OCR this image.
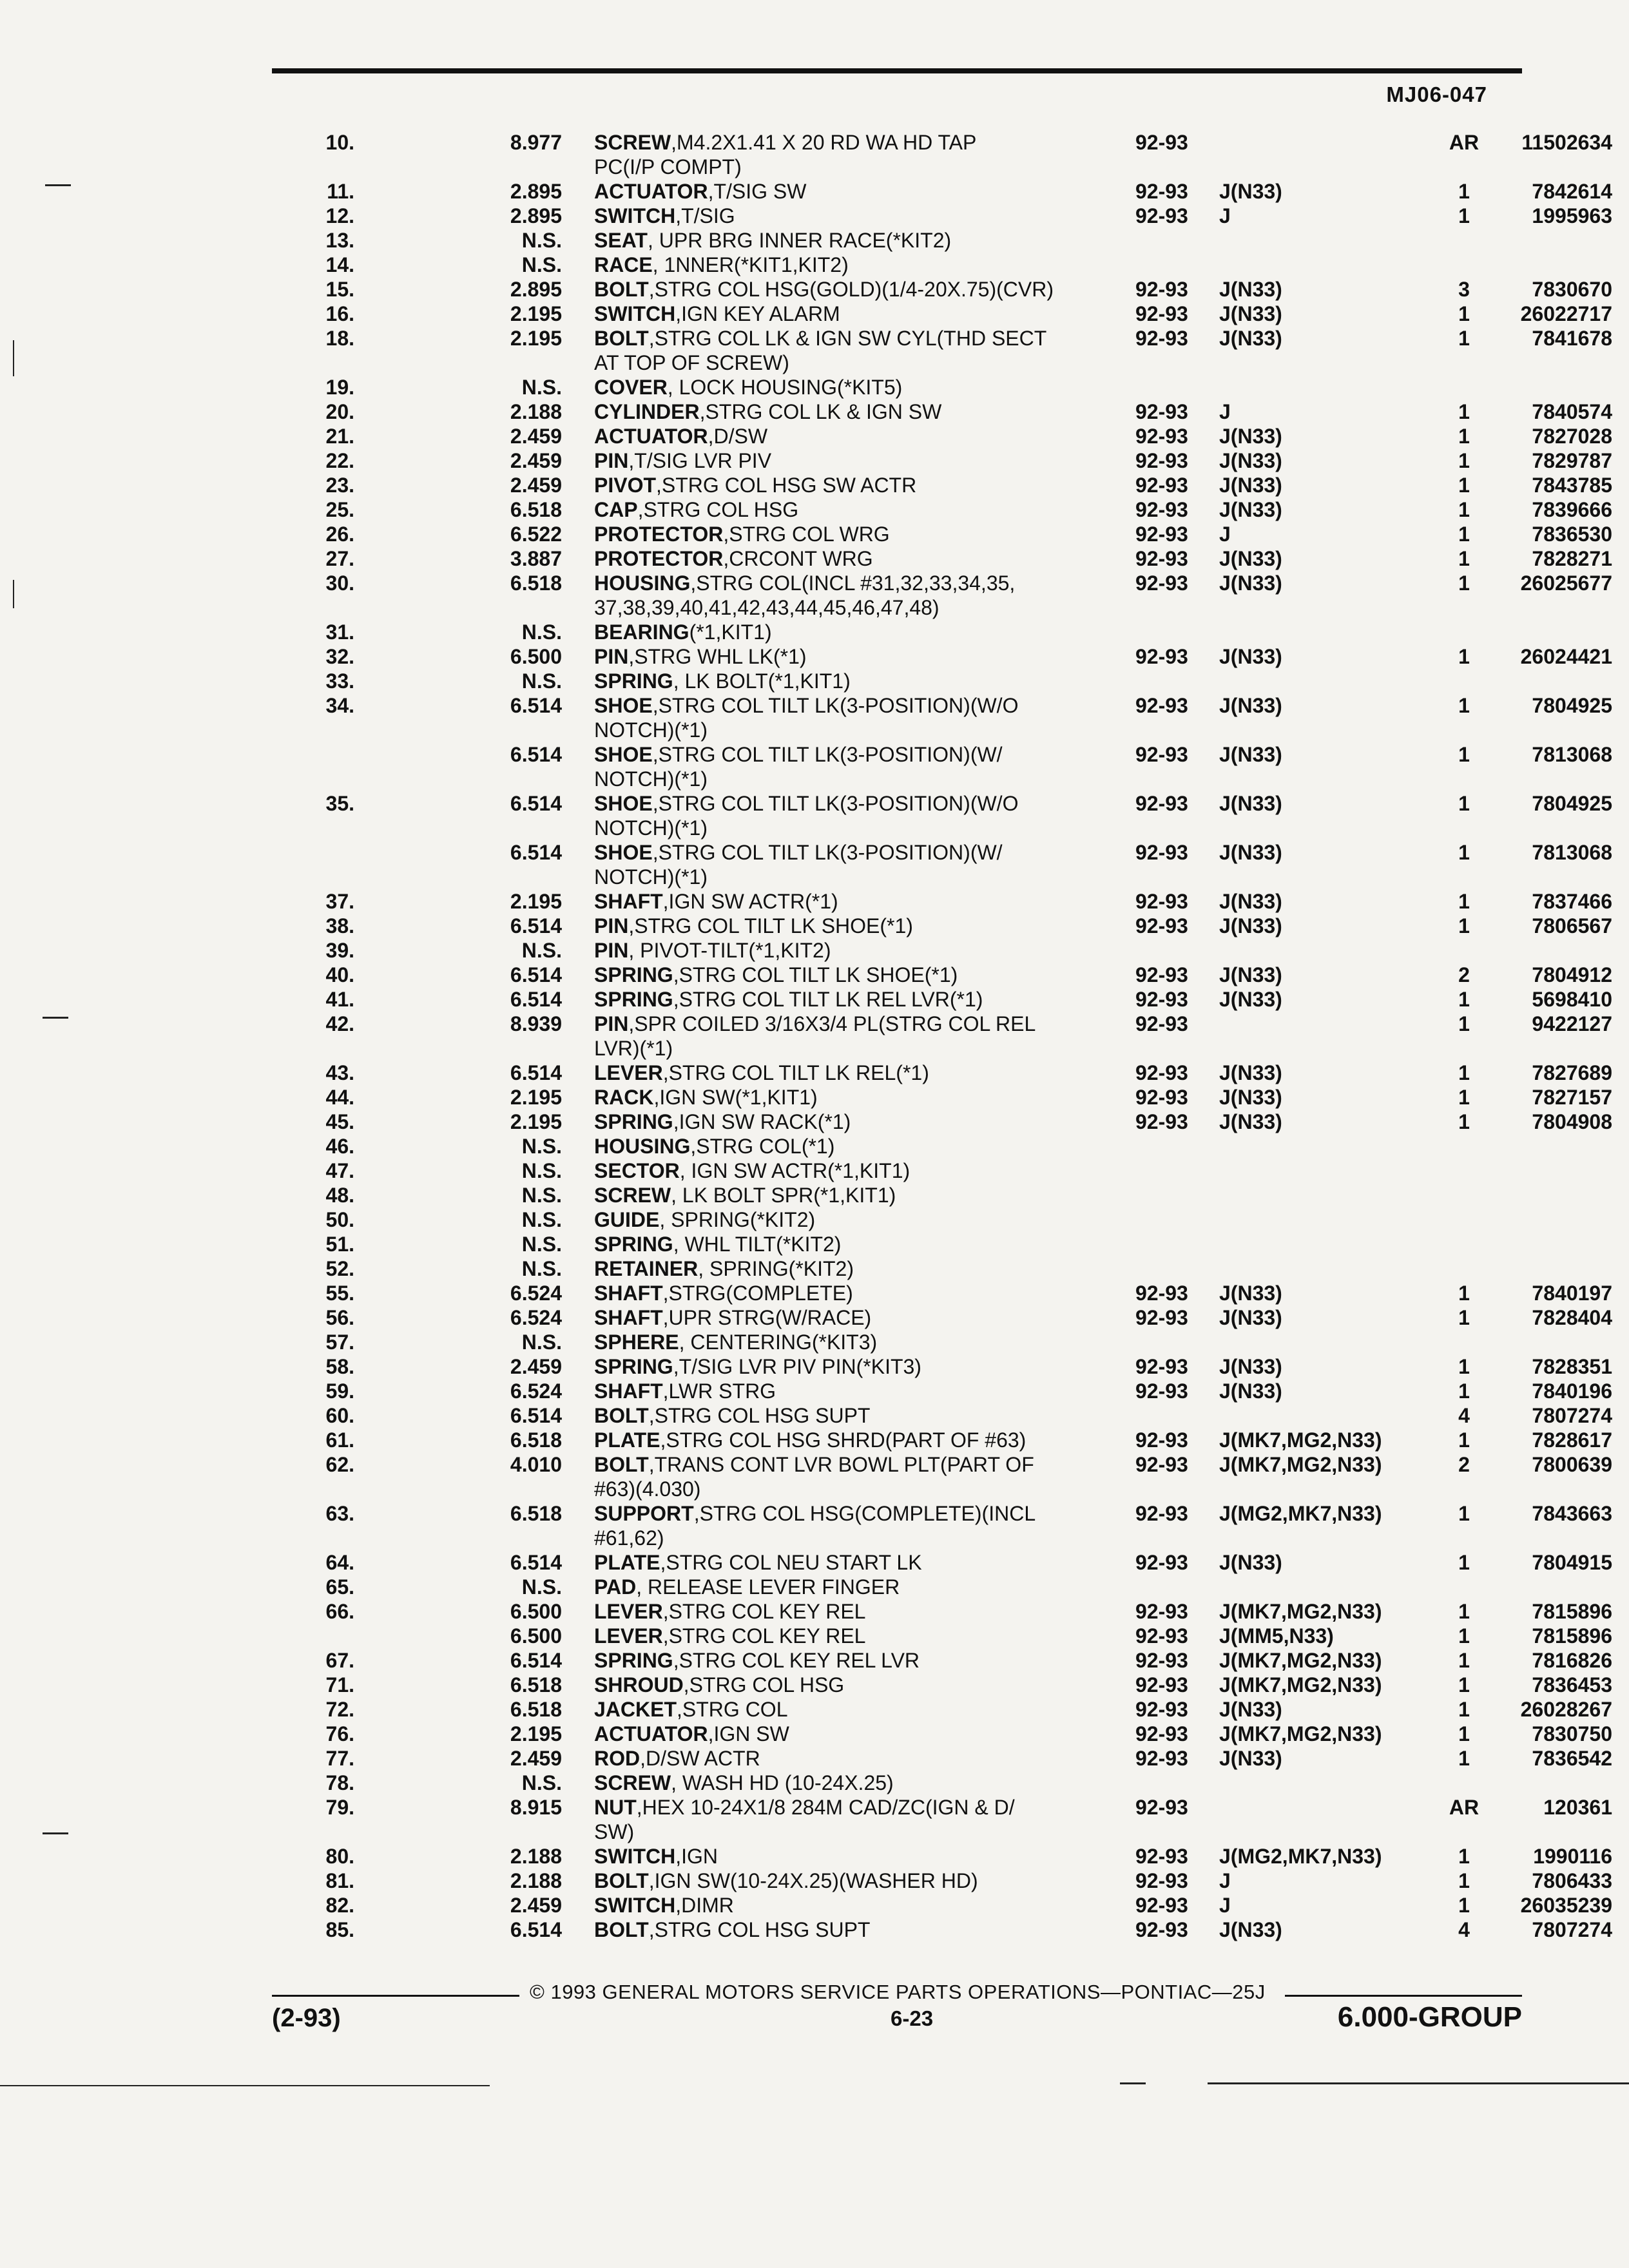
MJ06-047
10.	8.977	SCREW,M4.2X1.41 X 20 RD WA HD TAP	92-93		AR	11502634
		PC(I/P COMPT)				
11.	2.895	ACTUATOR,T/SIG SW	92-93	J(N33)	1	7842614
12.	2.895	SWITCH,T/SIG	92-93	J	1	1995963
13.	N.S.	SEAT, UPR BRG INNER RACE(*KIT2)				
14.	N.S.	RACE, 1NNER(*KIT1,KIT2)				
15.	2.895	BOLT,STRG COL HSG(GOLD)(1/4-20X.75)(CVR)	92-93	J(N33)	3	7830670
16.	2.195	SWITCH,IGN KEY ALARM	92-93	J(N33)	1	26022717
18.	2.195	BOLT,STRG COL LK & IGN SW CYL(THD SECT	92-93	J(N33)	1	7841678
		AT TOP OF SCREW)				
19.	N.S.	COVER, LOCK HOUSING(*KIT5)				
20.	2.188	CYLINDER,STRG COL LK & IGN SW	92-93	J	1	7840574
21.	2.459	ACTUATOR,D/SW	92-93	J(N33)	1	7827028
22.	2.459	PIN,T/SIG LVR PIV	92-93	J(N33)	1	7829787
23.	2.459	PIVOT,STRG COL HSG SW ACTR	92-93	J(N33)	1	7843785
25.	6.518	CAP,STRG COL HSG	92-93	J(N33)	1	7839666
26.	6.522	PROTECTOR,STRG COL WRG	92-93	J	1	7836530
27.	3.887	PROTECTOR,CRCONT WRG	92-93	J(N33)	1	7828271
30.	6.518	HOUSING,STRG COL(INCL #31,32,33,34,35,	92-93	J(N33)	1	26025677
		37,38,39,40,41,42,43,44,45,46,47,48)				
31.	N.S.	BEARING(*1,KIT1)				
32.	6.500	PIN,STRG WHL LK(*1)	92-93	J(N33)	1	26024421
33.	N.S.	SPRING, LK BOLT(*1,KIT1)				
34.	6.514	SHOE,STRG COL TILT LK(3-POSITION)(W/O	92-93	J(N33)	1	7804925
		NOTCH)(*1)				
	6.514	SHOE,STRG COL TILT LK(3-POSITION)(W/	92-93	J(N33)	1	7813068
		NOTCH)(*1)				
35.	6.514	SHOE,STRG COL TILT LK(3-POSITION)(W/O	92-93	J(N33)	1	7804925
		NOTCH)(*1)				
	6.514	SHOE,STRG COL TILT LK(3-POSITION)(W/	92-93	J(N33)	1	7813068
		NOTCH)(*1)				
37.	2.195	SHAFT,IGN SW ACTR(*1)	92-93	J(N33)	1	7837466
38.	6.514	PIN,STRG COL TILT LK SHOE(*1)	92-93	J(N33)	1	7806567
39.	N.S.	PIN, PIVOT-TILT(*1,KIT2)				
40.	6.514	SPRING,STRG COL TILT LK SHOE(*1)	92-93	J(N33)	2	7804912
41.	6.514	SPRING,STRG COL TILT LK REL LVR(*1)	92-93	J(N33)	1	5698410
42.	8.939	PIN,SPR COILED 3/16X3/4 PL(STRG COL REL	92-93		1	9422127
		LVR)(*1)				
43.	6.514	LEVER,STRG COL TILT LK REL(*1)	92-93	J(N33)	1	7827689
44.	2.195	RACK,IGN SW(*1,KIT1)	92-93	J(N33)	1	7827157
45.	2.195	SPRING,IGN SW RACK(*1)	92-93	J(N33)	1	7804908
46.	N.S.	HOUSING,STRG COL(*1)				
47.	N.S.	SECTOR, IGN SW ACTR(*1,KIT1)				
48.	N.S.	SCREW, LK BOLT SPR(*1,KIT1)				
50.	N.S.	GUIDE, SPRING(*KIT2)				
51.	N.S.	SPRING, WHL TILT(*KIT2)				
52.	N.S.	RETAINER, SPRING(*KIT2)				
55.	6.524	SHAFT,STRG(COMPLETE)	92-93	J(N33)	1	7840197
56.	6.524	SHAFT,UPR STRG(W/RACE)	92-93	J(N33)	1	7828404
57.	N.S.	SPHERE, CENTERING(*KIT3)				
58.	2.459	SPRING,T/SIG LVR PIV PIN(*KIT3)	92-93	J(N33)	1	7828351
59.	6.524	SHAFT,LWR STRG	92-93	J(N33)	1	7840196
60.	6.514	BOLT,STRG COL HSG SUPT			4	7807274
61.	6.518	PLATE,STRG COL HSG SHRD(PART OF #63)	92-93	J(MK7,MG2,N33)	1	7828617
62.	4.010	BOLT,TRANS CONT LVR BOWL PLT(PART OF	92-93	J(MK7,MG2,N33)	2	7800639
		#63)(4.030)				
63.	6.518	SUPPORT,STRG COL HSG(COMPLETE)(INCL	92-93	J(MG2,MK7,N33)	1	7843663
		#61,62)				
64.	6.514	PLATE,STRG COL NEU START LK	92-93	J(N33)	1	7804915
65.	N.S.	PAD, RELEASE LEVER FINGER				
66.	6.500	LEVER,STRG COL KEY REL	92-93	J(MK7,MG2,N33)	1	7815896
	6.500	LEVER,STRG COL KEY REL	92-93	J(MM5,N33)	1	7815896
67.	6.514	SPRING,STRG COL KEY REL LVR	92-93	J(MK7,MG2,N33)	1	7816826
71.	6.518	SHROUD,STRG COL HSG	92-93	J(MK7,MG2,N33)	1	7836453
72.	6.518	JACKET,STRG COL	92-93	J(N33)	1	26028267
76.	2.195	ACTUATOR,IGN SW	92-93	J(MK7,MG2,N33)	1	7830750
77.	2.459	ROD,D/SW ACTR	92-93	J(N33)	1	7836542
78.	N.S.	SCREW, WASH HD (10-24X.25)				
79.	8.915	NUT,HEX 10-24X1/8 284M CAD/ZC(IGN & D/	92-93		AR	120361
		SW)				
80.	2.188	SWITCH,IGN	92-93	J(MG2,MK7,N33)	1	1990116
81.	2.188	BOLT,IGN SW(10-24X.25)(WASHER HD)	92-93	J	1	7806433
82.	2.459	SWITCH,DIMR	92-93	J	1	26035239
85.	6.514	BOLT,STRG COL HSG SUPT	92-93	J(N33)	4	7807274
© 1993 GENERAL MOTORS SERVICE PARTS OPERATIONS—PONTIAC—25J
(2-93)	6-23	6.000-GROUP
